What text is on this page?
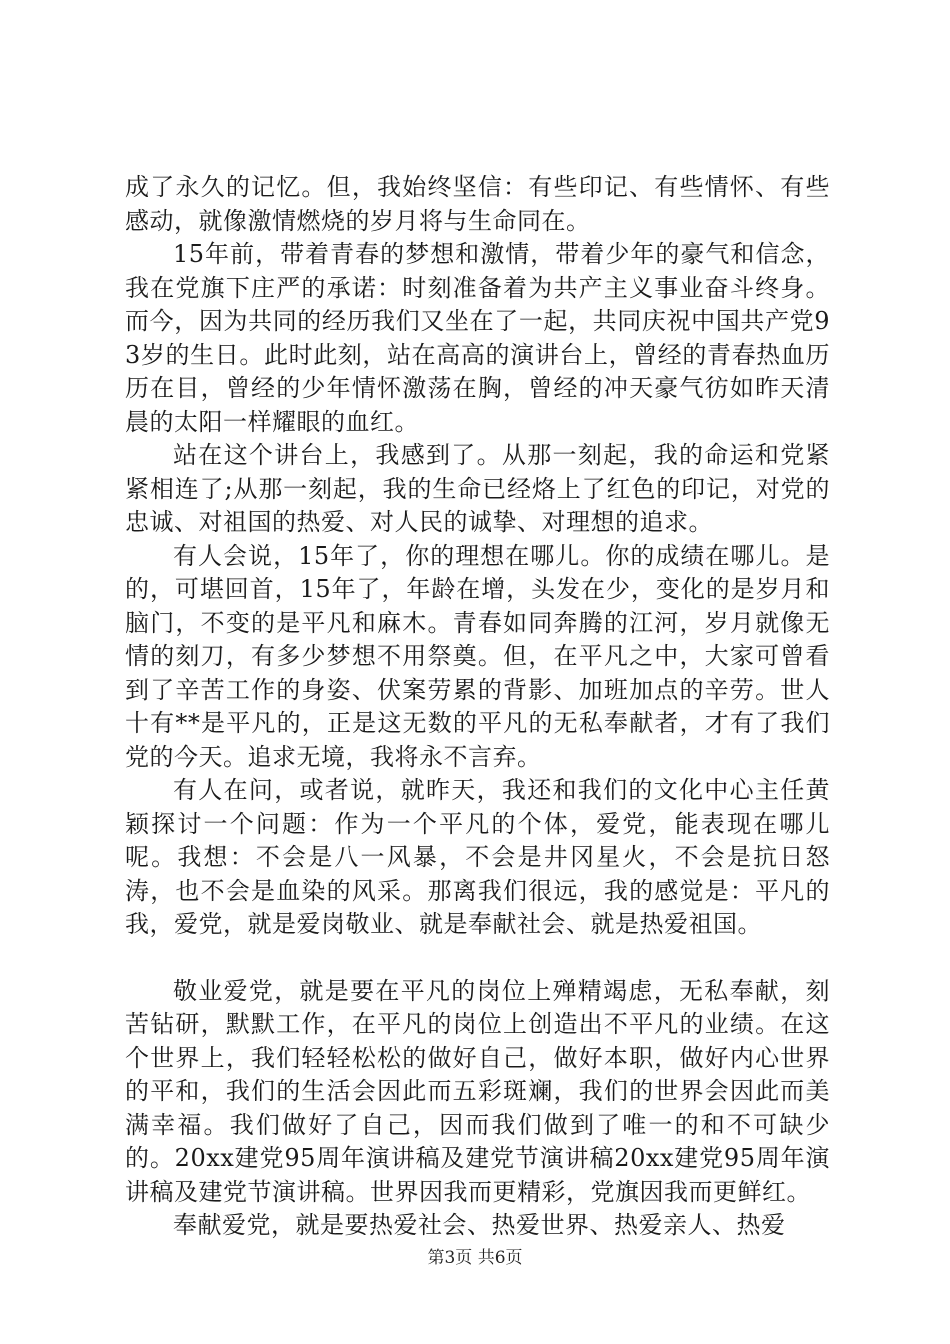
成了永久的记忆。但，我始终坚信：有些印记、有些情怀、有些感动，就像激情燃烧的岁月将与生命同在。

15年前，带着青春的梦想和激情，带着少年的豪气和信念，我在党旗下庄严的承诺：时刻准备着为共产主义事业奋斗终身。而今，因为共同的经历我们又坐在了一起，共同庆祝中国共产党93岁的生日。此时此刻，站在高高的演讲台上，曾经的青春热血历历在目，曾经的少年情怀激荡在胸，曾经的冲天豪气彷如昨天清晨的太阳一样耀眼的血红。

站在这个讲台上，我感到了。从那一刻起，我的命运和党紧紧相连了;从那一刻起，我的生命已经烙上了红色的印记，对党的忠诚、对祖国的热爱、对人民的诚挚、对理想的追求。

有人会说，15年了，你的理想在哪儿。你的成绩在哪儿。是的，可堪回首，15年了，年龄在增，头发在少，变化的是岁月和脑门，不变的是平凡和麻木。青春如同奔腾的江河，岁月就像无情的刻刀，有多少梦想不用祭奠。但，在平凡之中，大家可曾看到了辛苦工作的身姿、伏案劳累的背影、加班加点的辛劳。世人十有**是平凡的，正是这无数的平凡的无私奉献者，才有了我们党的今天。追求无境，我将永不言弃。

有人在问，或者说，就昨天，我还和我们的文化中心主任黄颖探讨一个问题：作为一个平凡的个体，爱党，能表现在哪儿呢。我想：不会是八一风暴，不会是井冈星火，不会是抗日怒涛，也不会是血染的风采。那离我们很远，我的感觉是：平凡的我，爱党，就是爱岗敬业、就是奉献社会、就是热爱祖国。

敬业爱党，就是要在平凡的岗位上殚精竭虑，无私奉献，刻苦钻研，默默工作，在平凡的岗位上创造出不平凡的业绩。在这个世界上，我们轻轻松松的做好自己，做好本职，做好内心世界的平和，我们的生活会因此而五彩斑斓，我们的世界会因此而美满幸福。我们做好了自己，因而我们做到了唯一的和不可缺少的。20xx建党95周年演讲稿及建党节演讲稿20xx建党95周年演讲稿及建党节演讲稿。世界因我而更精彩，党旗因我而更鲜红。

奉献爱党，就是要热爱社会、热爱世界、热爱亲人、热爱

第3页 共6页
